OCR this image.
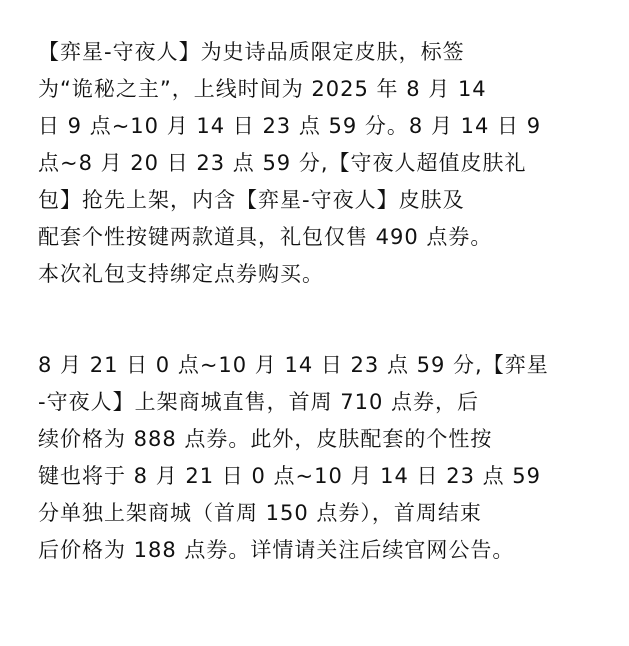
【弈星-守夜人】为史诗品质限定皮肤，标签
为“诡秘之主”，上线时间为 2025 年 8 月 14
日 9 点~10 月 14 日 23 点 59 分。8 月 14 日 9
点~8 月 20 日 23 点 59 分,【守夜人超值皮肤礼
包】抢先上架，内含【弈星-守夜人】皮肤及
配套个性按键两款道具，礼包仅售 490 点券。
本次礼包支持绑定点券购买。
8 月 21 日 0 点~10 月 14 日 23 点 59 分,【弈星
-守夜人】上架商城直售，首周 710 点券，后
续价格为 888 点券。此外，皮肤配套的个性按
键也将于 8 月 21 日 0 点~10 月 14 日 23 点 59
分单独上架商城（首周 150 点券），首周结束
后价格为 188 点券。详情请关注后续官网公告。
